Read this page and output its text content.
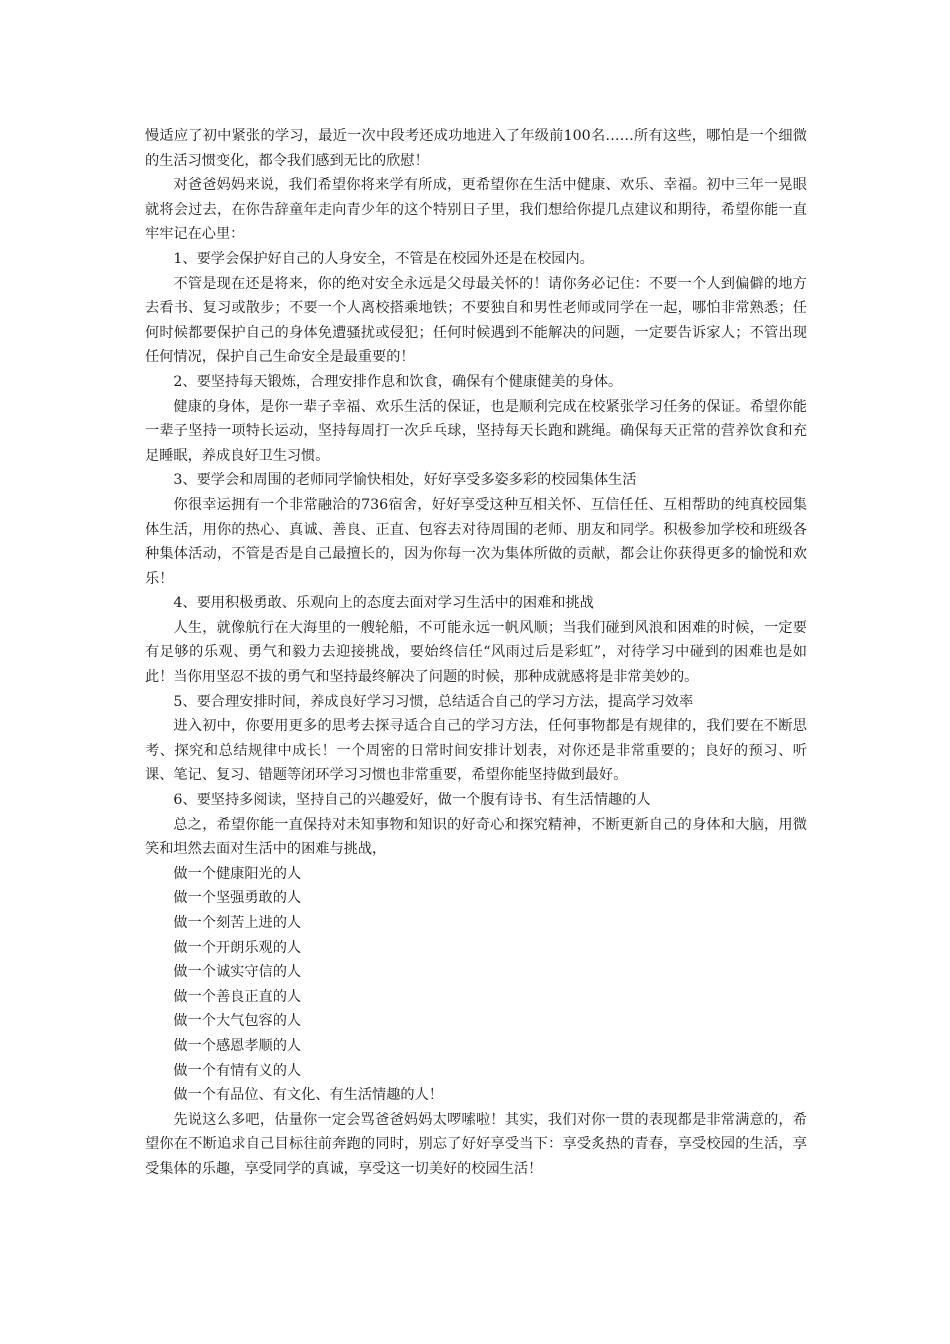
慢适应了初中紧张的学习，最近一次中段考还成功地进入了年级前100名……所有这些，哪怕是一个细微的生活习惯变化，都令我们感到无比的欣慰！

对爸爸妈妈来说，我们希望你将来学有所成，更希望你在生活中健康、欢乐、幸福。初中三年一晃眼就将会过去，在你告辞童年走向青少年的这个特别日子里，我们想给你提几点建议和期待，希望你能一直牢牢记在心里：

1、要学会保护好自己的人身安全，不管是在校园外还是在校园内。

不管是现在还是将来，你的绝对安全永远是父母最关怀的！请你务必记住：不要一个人到偏僻的地方去看书、复习或散步；不要一个人离校搭乘地铁；不要独自和男性老师或同学在一起，哪怕非常熟悉；任何时候都要保护自己的身体免遭骚扰或侵犯；任何时候遇到不能解决的问题，一定要告诉家人；不管出现任何情况，保护自己生命安全是最重要的！

2、要坚持每天锻炼，合理安排作息和饮食，确保有个健康健美的身体。

健康的身体，是你一辈子幸福、欢乐生活的保证，也是顺利完成在校紧张学习任务的保证。希望你能一辈子坚持一项特长运动，坚持每周打一次乒乓球，坚持每天长跑和跳绳。确保每天正常的营养饮食和充足睡眠，养成良好卫生习惯。

3、要学会和周围的老师同学愉快相处，好好享受多姿多彩的校园集体生活

你很幸运拥有一个非常融洽的736宿舍，好好享受这种互相关怀、互信任任、互相帮助的纯真校园集体生活，用你的热心、真诚、善良、正直、包容去对待周围的老师、朋友和同学。积极参加学校和班级各种集体活动，不管是否是自己最擅长的，因为你每一次为集体所做的贡献，都会让你获得更多的愉悦和欢乐！

4、要用积极勇敢、乐观向上的态度去面对学习生活中的困难和挑战

人生，就像航行在大海里的一艘轮船，不可能永远一帆风顺；当我们碰到风浪和困难的时候，一定要有足够的乐观、勇气和毅力去迎接挑战，要始终信任“风雨过后是彩虹”，对待学习中碰到的困难也是如此！当你用坚忍不拔的勇气和坚持最终解决了问题的时候，那种成就感将是非常美妙的。

5、要合理安排时间，养成良好学习习惯，总结适合自己的学习方法，提高学习效率

进入初中，你要用更多的思考去探寻适合自己的学习方法，任何事物都是有规律的，我们要在不断思考、探究和总结规律中成长！一个周密的日常时间安排计划表，对你还是非常重要的；良好的预习、听课、笔记、复习、错题等闭环学习习惯也非常重要，希望你能坚持做到最好。

6、要坚持多阅读，坚持自己的兴趣爱好，做一个腹有诗书、有生活情趣的人

总之，希望你能一直保持对未知事物和知识的好奇心和探究精神，不断更新自己的身体和大脑，用微笑和坦然去面对生活中的困难与挑战，

做一个健康阳光的人

做一个坚强勇敢的人

做一个刻苦上进的人

做一个开朗乐观的人

做一个诚实守信的人

做一个善良正直的人

做一个大气包容的人

做一个感恩孝顺的人

做一个有情有义的人

做一个有品位、有文化、有生活情趣的人！

先说这么多吧，估量你一定会骂爸爸妈妈太啰嗦啦！其实，我们对你一贯的表现都是非常满意的，希望你在不断追求自己目标往前奔跑的同时，别忘了好好享受当下：享受炙热的青春，享受校园的生活，享受集体的乐趣，享受同学的真诚，享受这一切美好的校园生活！
